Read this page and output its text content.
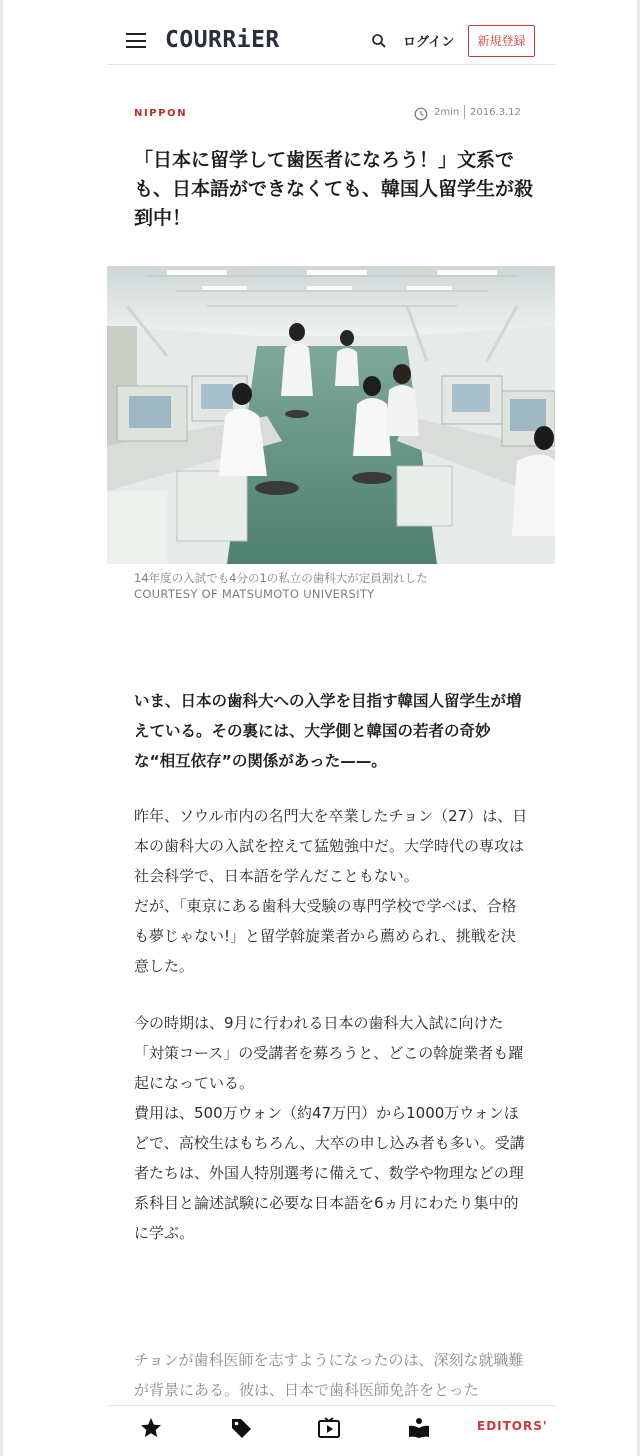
COURRiER	ログイン	新規登録
NIPPON	2min 2016.3.12
「日本に留学して歯医者になろう！」文系でも、日本語ができなくても、韓国人留学生が殺到中！
14年度の入試でも4分の1の私立の歯科大が定員割れした
COURTESY OF MATSUMOTO UNIVERSITY

いま、日本の歯科大への入学を目指す韓国人留学生が増えている。その裏には、大学側と韓国の若者の奇妙な“相互依存”の関係があった——。

昨年、ソウル市内の名門大を卒業したチョン（27）は、日本の歯科大の入試を控えて猛勉強中だ。大学時代の専攻は社会科学で、日本語を学んだこともない。
だが、「東京にある歯科大受験の専門学校で学べば、合格も夢じゃない!」と留学斡旋業者から薦められ、挑戦を決意した。
今の時期は、9月に行われる日本の歯科大入試に向けた「対策コース」の受講者を募ろうと、どこの斡旋業者も躍起になっている。
費用は、500万ウォン（約47万円）から1000万ウォンほどで、高校生はもちろん、大卒の申し込み者も多い。受講者たちは、外国人特別選考に備えて、数学や物理などの理系科目と論述試験に必要な日本語を6ヵ月にわたり集中的に学ぶ。
チョンが歯科医師を志すようになったのは、深刻な就職難が背景にある。彼は、日本で歯科医師免許をとった
EDITORS'
